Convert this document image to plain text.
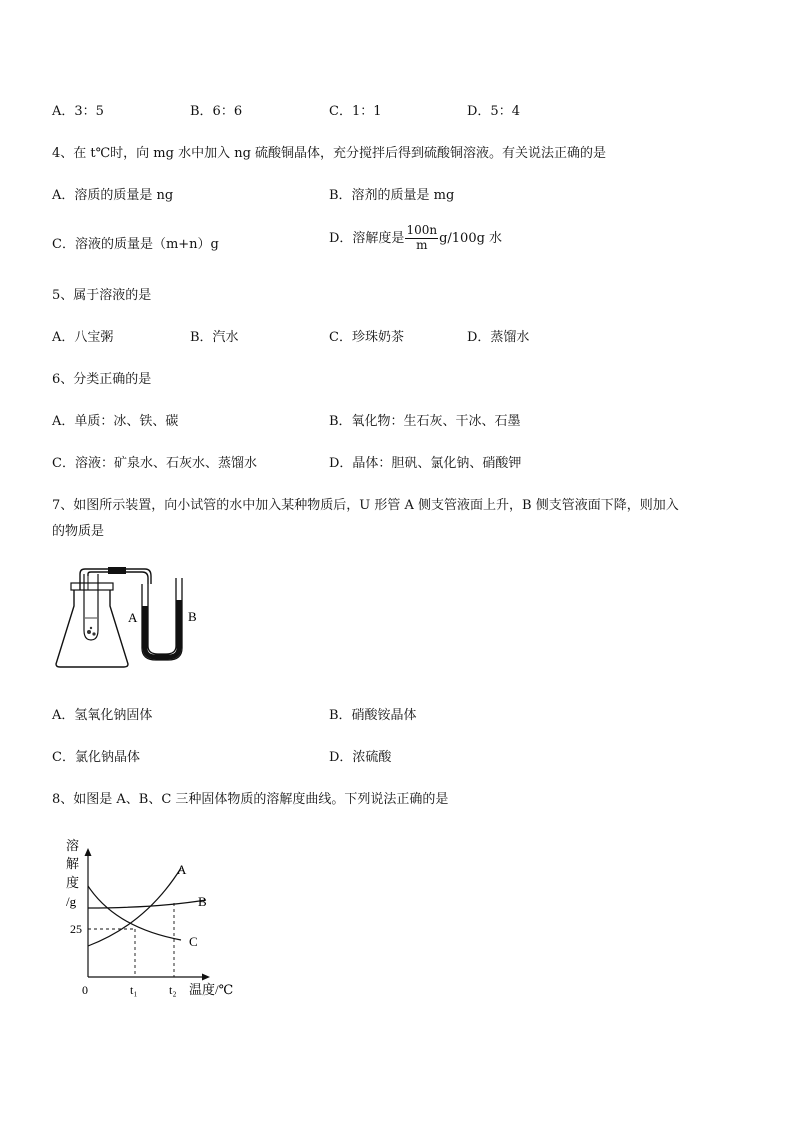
A．3：5	B．6：6	C．1：1	D．5：4
4、在 t℃时，向 mg 水中加入 ng 硫酸铜晶体，充分搅拌后得到硫酸铜溶液。有关说法正确的是
A．溶质的质量是 ng	B．溶剂的质量是 mg
C．溶液的质量是（m+n）g	D．溶解度是 $\frac{100n}{m} g/100g$ 水
5、属于溶液的是
A．八宝粥	B．汽水	C．珍珠奶茶	D．蒸馏水
6、分类正确的是
A．单质：冰、铁、碳	B．氧化物：生石灰、干冰、石墨
C．溶液：矿泉水、石灰水、蒸馏水	D．晶体：胆矾、氯化钠、硝酸钾
7、如图所示装置，向小试管的水中加入某种物质后，U 形管 A 侧支管液面上升，B 侧支管液面下降，则加入
的物质是
A	B
A．氢氧化钠固体	B．硝酸铵晶体
C．氯化钠晶体	D．浓硫酸
8、如图是 A、B、C 三种固体物质的溶解度曲线。下列说法正确的是
溶
解
度
/g
A
B
C
25
0	t₁	t₂ 温度/℃
